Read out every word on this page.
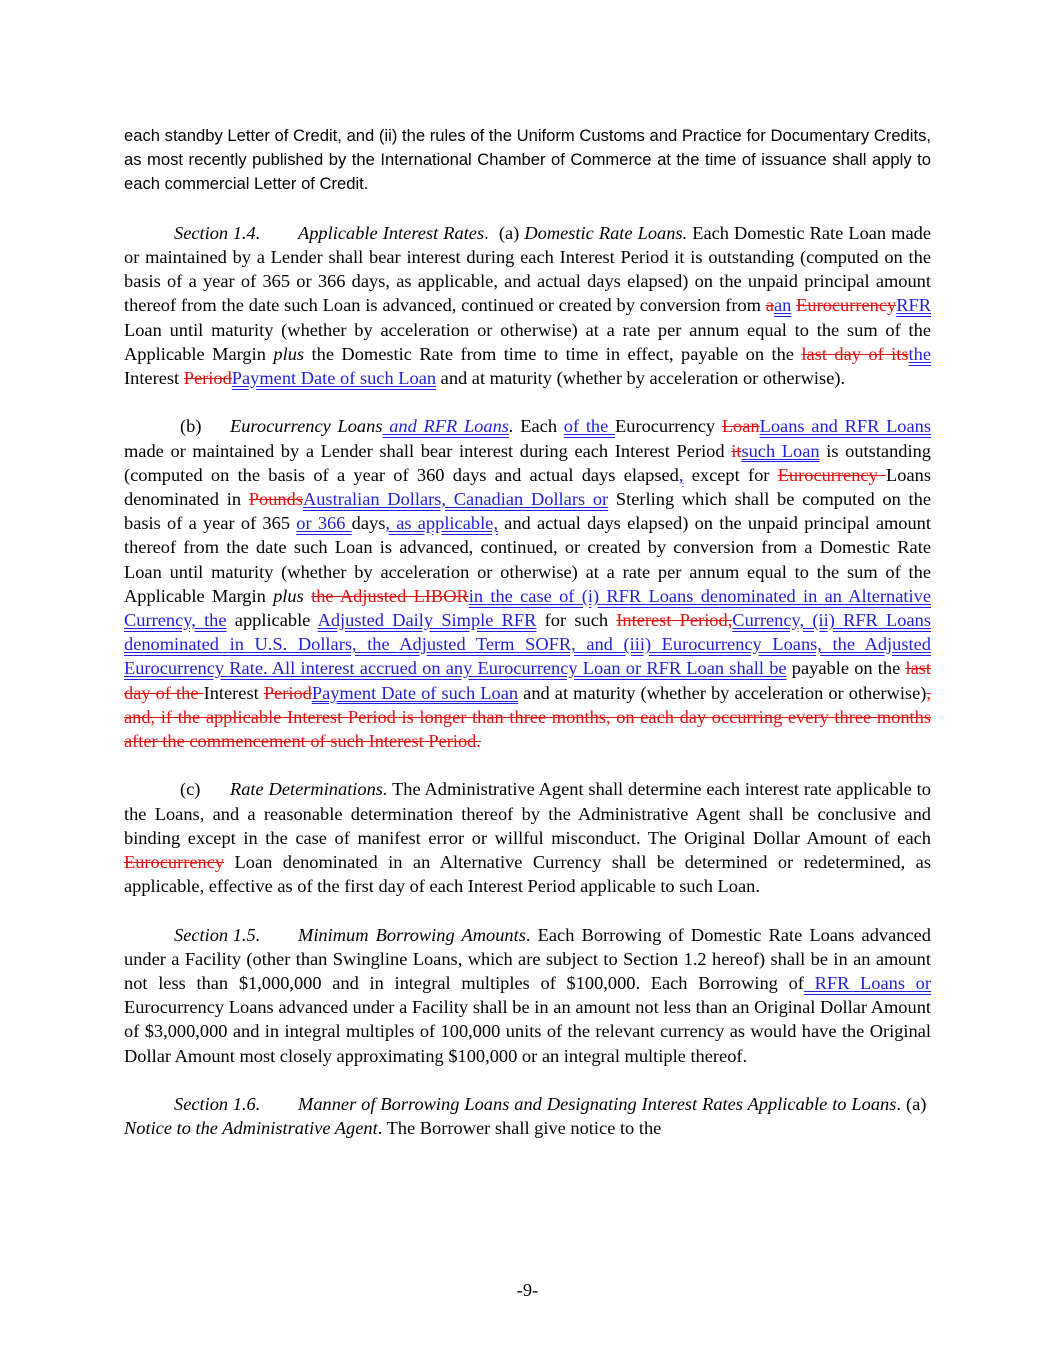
each standby Letter of Credit, and (ii) the rules of the Uniform Customs and Practice for Documentary Credits, as most recently published by the International Chamber of Commerce at the time of issuance shall apply to each commercial Letter of Credit.

Section 1.4. Applicable Interest Rates.  (a) Domestic Rate Loans. Each Domestic Rate Loan made or maintained by a Lender shall bear interest during each Interest Period it is outstanding (computed on the basis of a year of 365 or 366 days, as applicable, and actual days elapsed) on the unpaid principal amount thereof from the date such Loan is advanced, continued or created by conversion from aan EurocurrencyRFR Loan until maturity (whether by acceleration or otherwise) at a rate per annum equal to the sum of the Applicable Margin plus the Domestic Rate from time to time in effect, payable on the last day of itsthe Interest PeriodPayment Date of such Loan and at maturity (whether by acceleration or otherwise).

(b) Eurocurrency Loans and RFR Loans. Each of the Eurocurrency LoanLoans and RFR Loans made or maintained by a Lender shall bear interest during each Interest Period itsuch Loan is outstanding (computed on the basis of a year of 360 days and actual days elapsed, except for Eurocurrency Loans denominated in PoundsAustralian Dollars, Canadian Dollars or Sterling which shall be computed on the basis of a year of 365 or 366 days, as applicable, and actual days elapsed) on the unpaid principal amount thereof from the date such Loan is advanced, continued, or created by conversion from a Domestic Rate Loan until maturity (whether by acceleration or otherwise) at a rate per annum equal to the sum of the Applicable Margin plus the Adjusted LIBORin the case of (i) RFR Loans denominated in an Alternative Currency, the applicable Adjusted Daily Simple RFR for such Interest Period,Currency, (ii) RFR Loans denominated in U.S. Dollars, the Adjusted Term SOFR, and (iii) Eurocurrency Loans, the Adjusted Eurocurrency Rate. All interest accrued on any Eurocurrency Loan or RFR Loan shall be payable on the last day of the Interest PeriodPayment Date of such Loan and at maturity (whether by acceleration or otherwise), and, if the applicable Interest Period is longer than three months, on each day occurring every three months after the commencement of such Interest Period.

(c) Rate Determinations. The Administrative Agent shall determine each interest rate applicable to the Loans, and a reasonable determination thereof by the Administrative Agent shall be conclusive and binding except in the case of manifest error or willful misconduct. The Original Dollar Amount of each Eurocurrency Loan denominated in an Alternative Currency shall be determined or redetermined, as applicable, effective as of the first day of each Interest Period applicable to such Loan.

Section 1.5. Minimum Borrowing Amounts. Each Borrowing of Domestic Rate Loans advanced under a Facility (other than Swingline Loans, which are subject to Section 1.2 hereof) shall be in an amount not less than $1,000,000 and in integral multiples of $100,000. Each Borrowing of RFR Loans or Eurocurrency Loans advanced under a Facility shall be in an amount not less than an Original Dollar Amount of $3,000,000 and in integral multiples of 100,000 units of the relevant currency as would have the Original Dollar Amount most closely approximating $100,000 or an integral multiple thereof.

Section 1.6. Manner of Borrowing Loans and Designating Interest Rates Applicable to Loans. (a)  Notice to the Administrative Agent. The Borrower shall give notice to the

-9-
